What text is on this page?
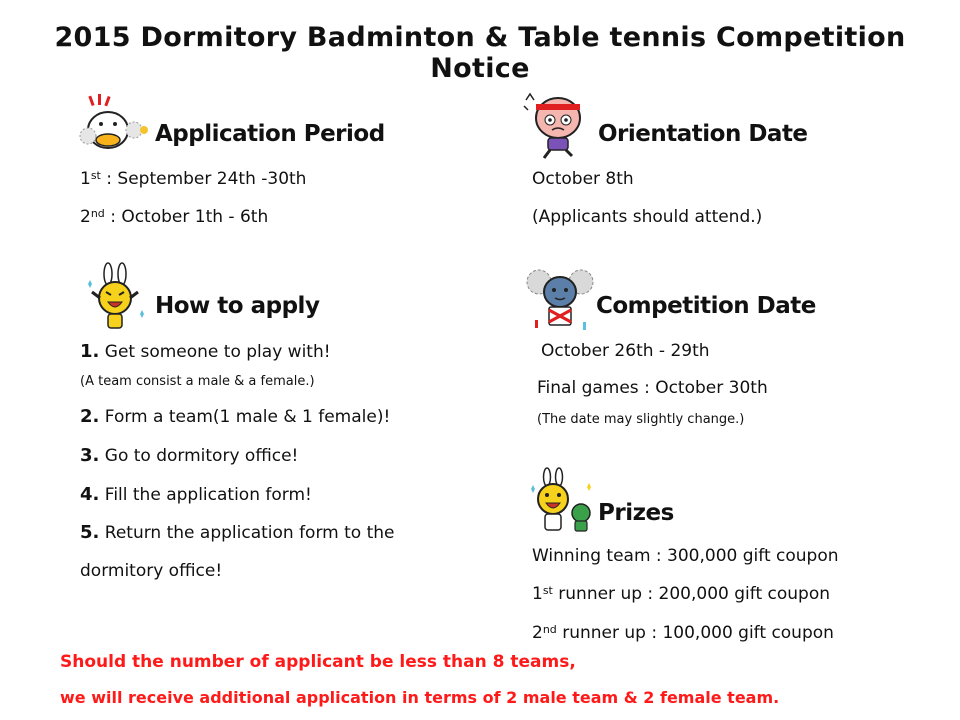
2015 Dormitory Badminton & Table tennis Competition Notice
Application Period
1st : September 24th -30th
2nd : October 1th - 6th
How to apply
1. Get someone to play with!
(A team consist a male & a female.)
2. Form a team(1 male & 1 female)!
3. Go to dormitory office!
4. Fill the application form!
5. Return the application form to the
dormitory office!
Orientation Date
October 8th
(Applicants should attend.)
Competition Date
October 26th - 29th
Final games : October 30th
(The date may slightly change.)
Prizes
Winning team : 300,000 gift coupon
1st runner up : 200,000 gift coupon
2nd runner up : 100,000 gift coupon
Should the number of applicant be less than 8 teams,
we will receive additional application in terms of 2 male team & 2 female team.
